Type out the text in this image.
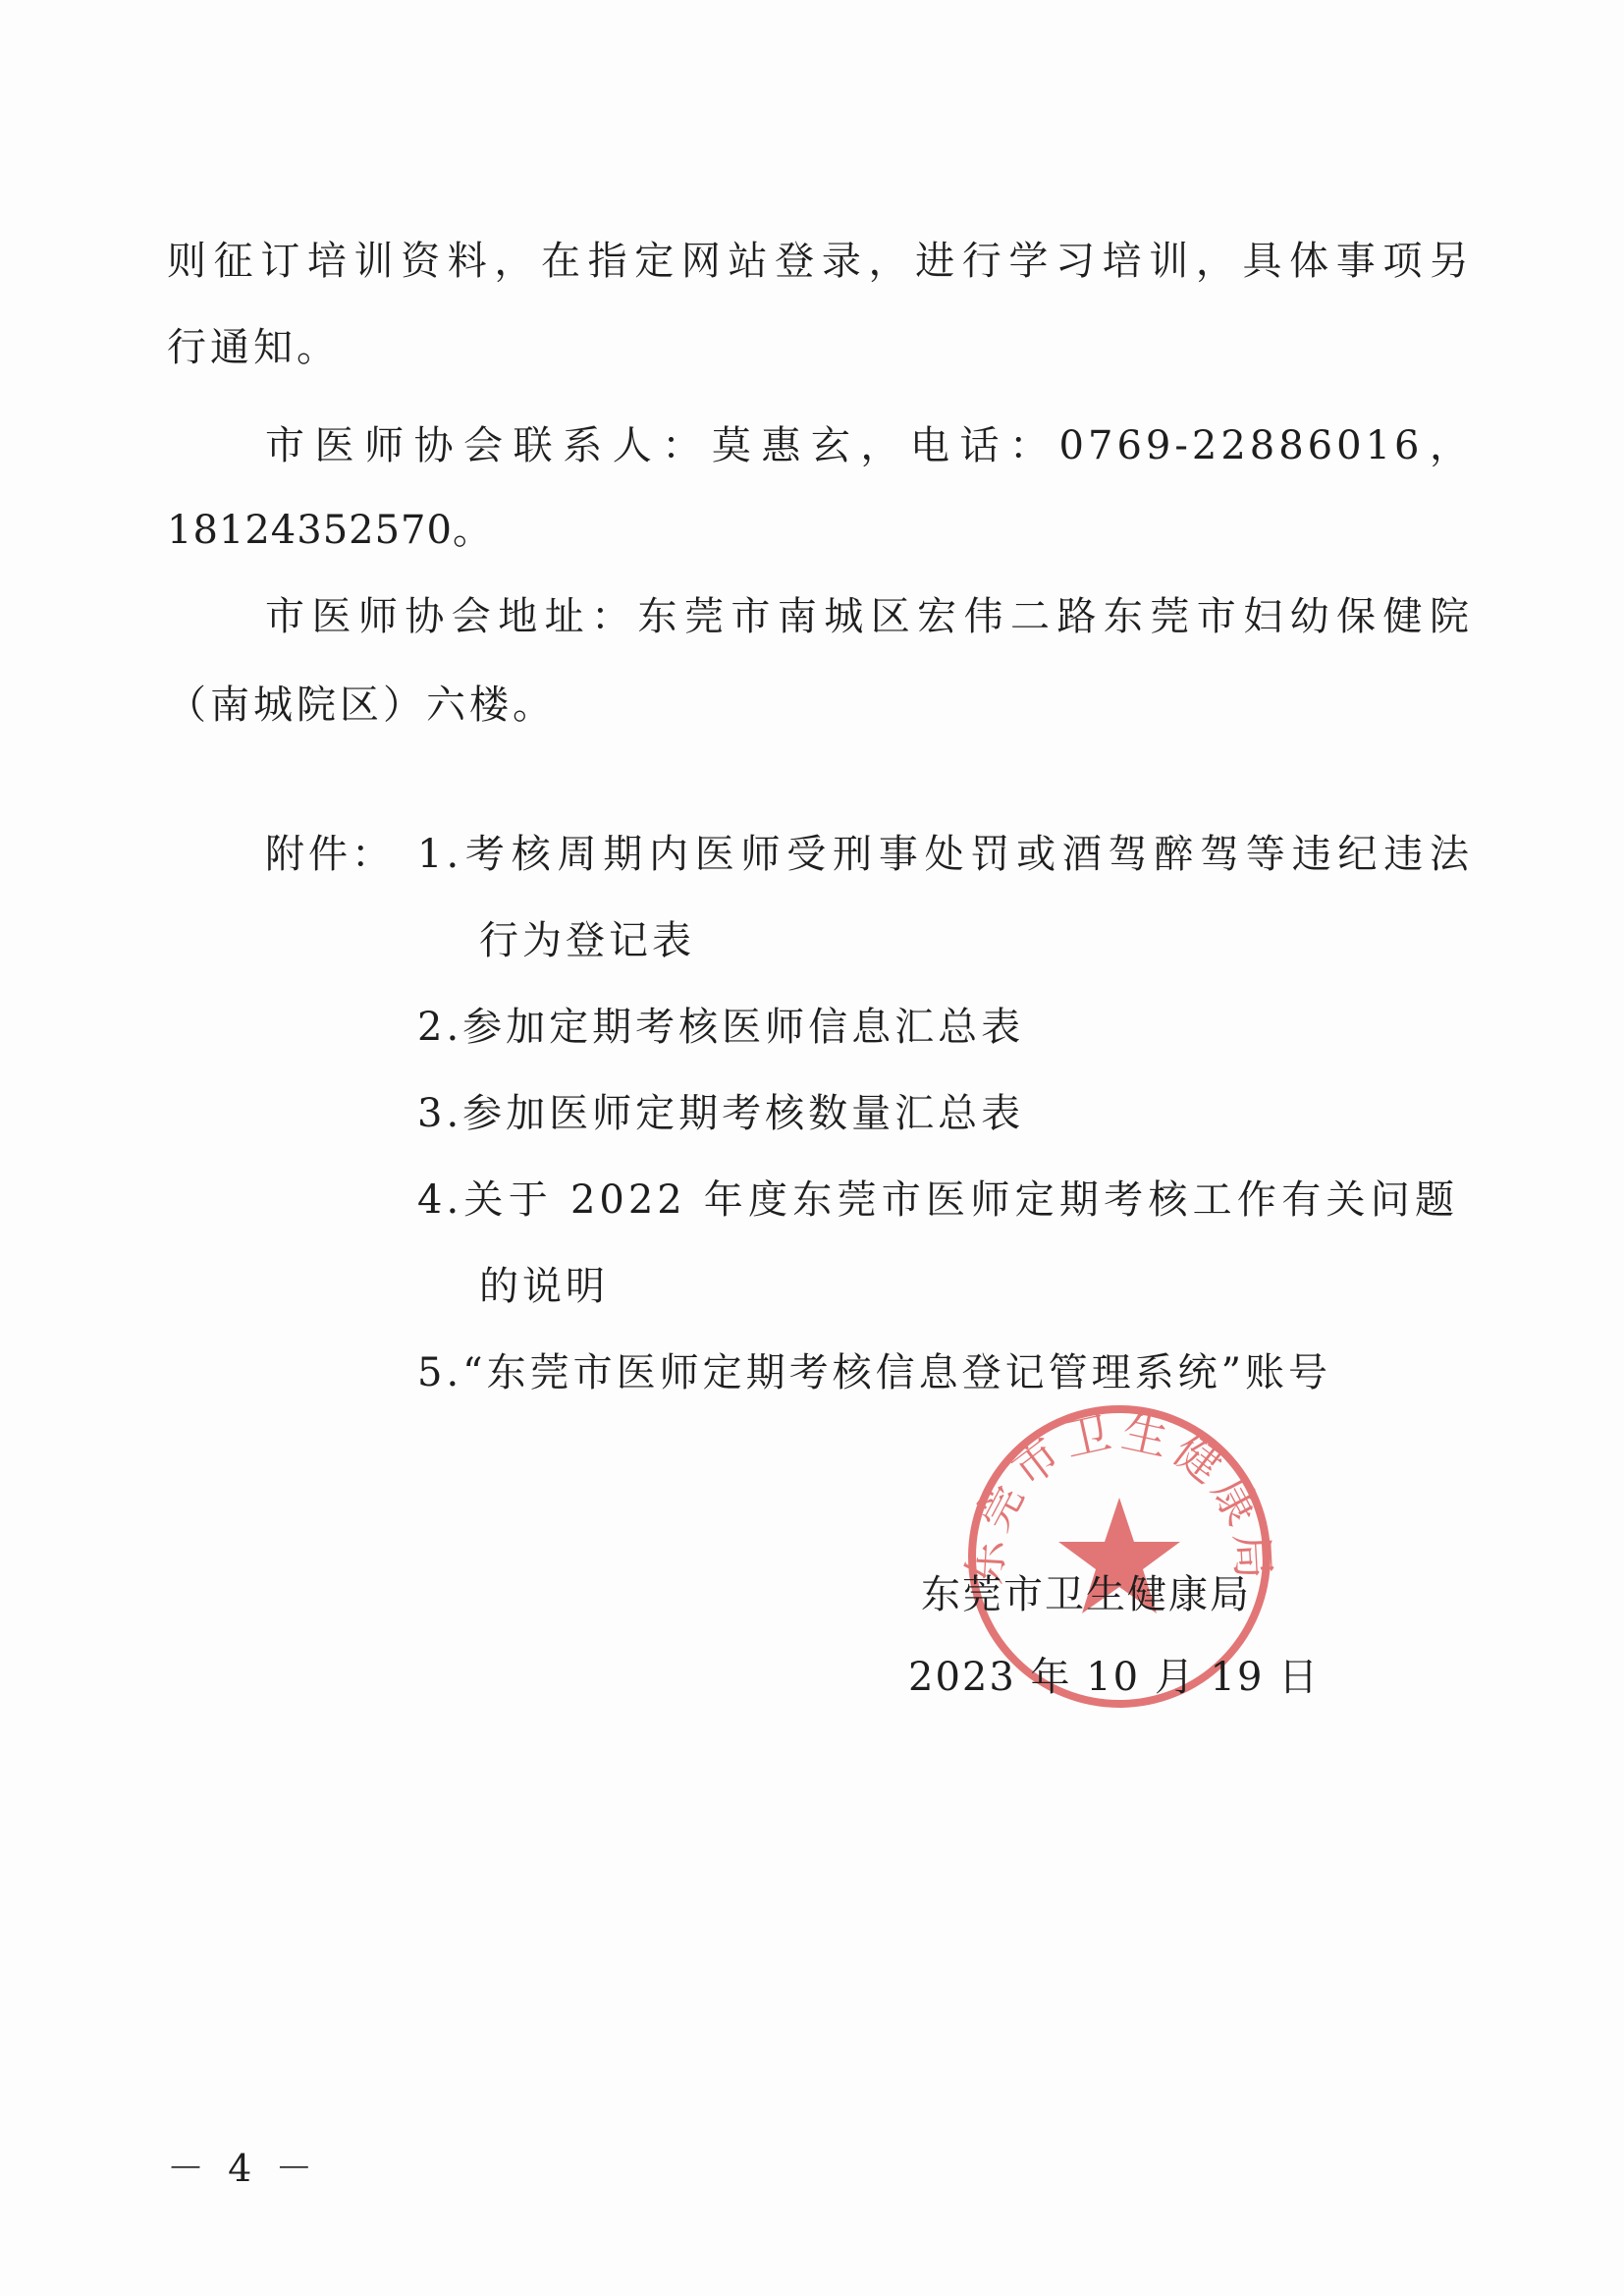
则征订培训资料，在指定网站登录，进行学习培训，具体事项另
行通知。
市医师协会联系人：莫惠玄，电话：0769-22886016，
18124352570。
市医师协会地址：东莞市南城区宏伟二路东莞市妇幼保健院
（南城院区）六楼。
附件： 1.考核周期内医师受刑事处罚或酒驾醉驾等违纪违法
行为登记表
2.参加定期考核医师信息汇总表
3.参加医师定期考核数量汇总表
4.关于 2022 年度东莞市医师定期考核工作有关问题
的说明
5.“东莞市医师定期考核信息登记管理系统”账号
东莞市卫生健康局
东莞市卫生健康局
2023 年 10 月 19 日
－ 4 －
